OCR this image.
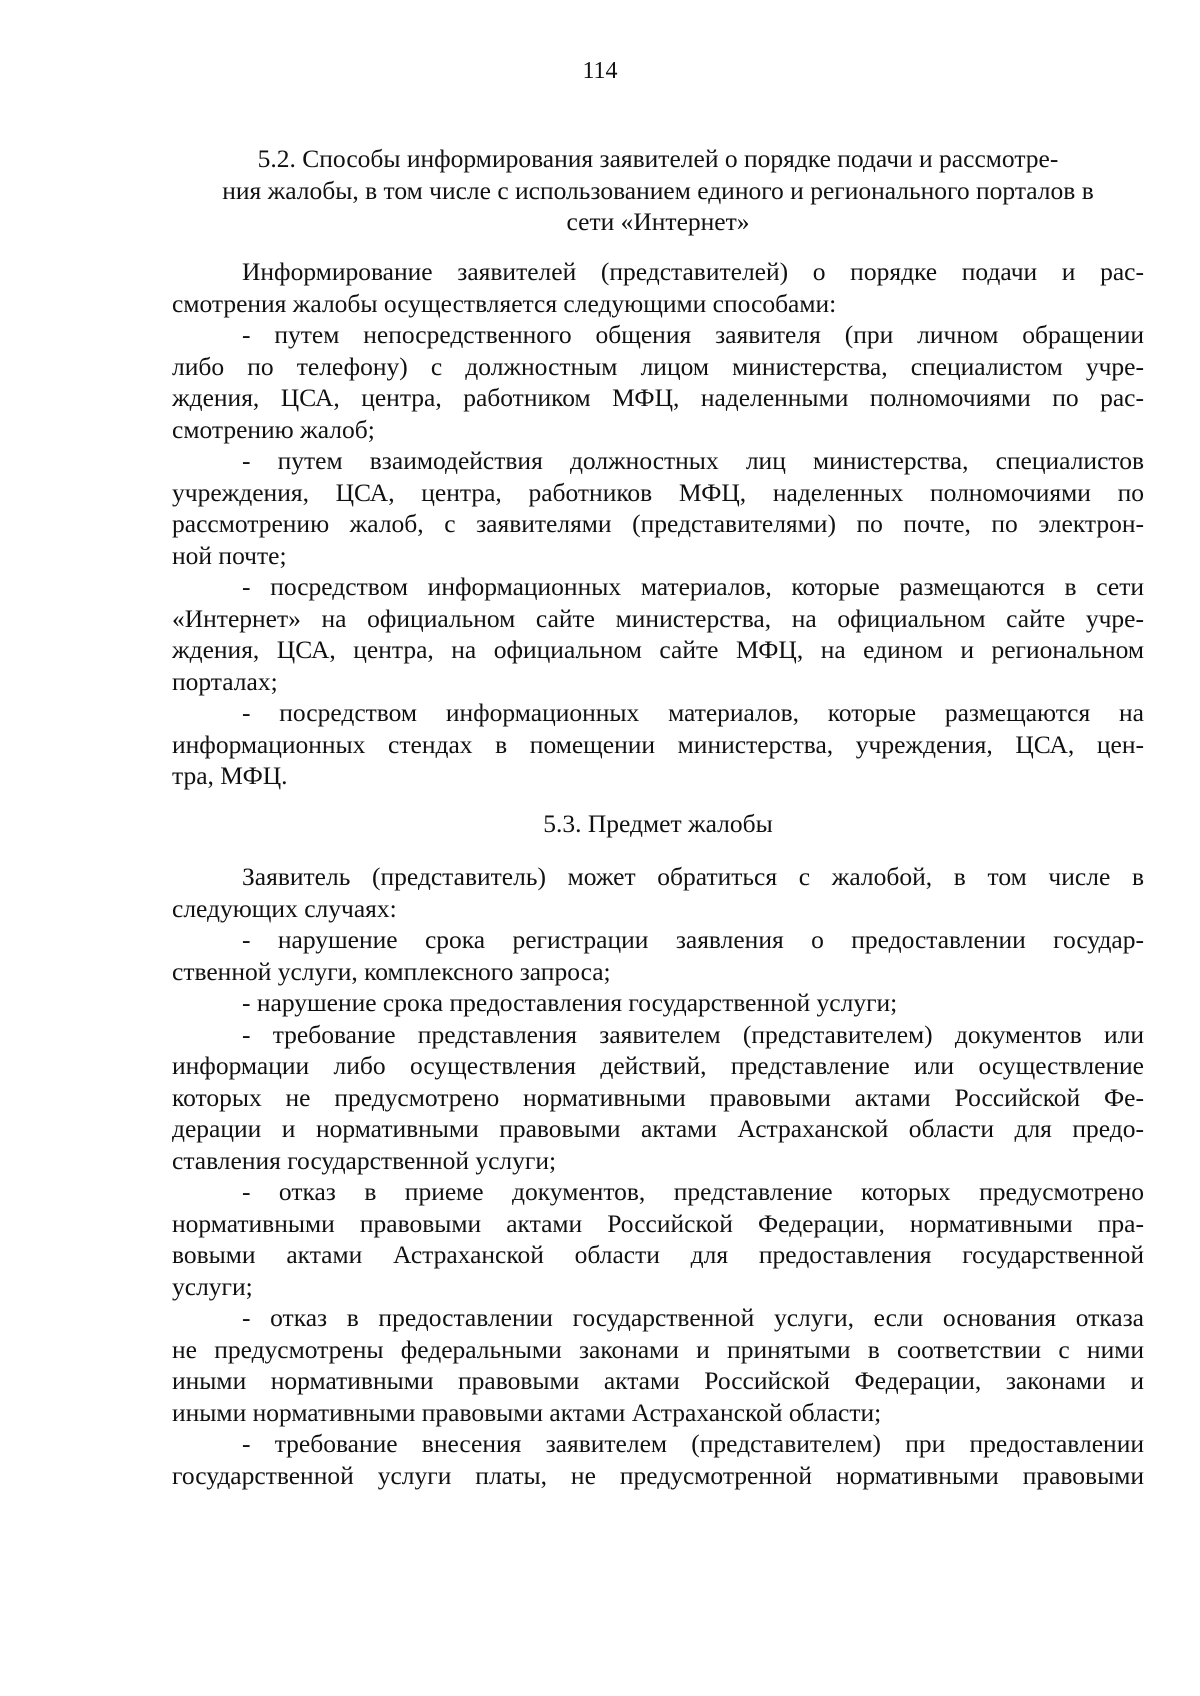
114
5.2. Способы информирования заявителей о порядке подачи и рассмотре-
ния жалобы, в том числе с использованием единого и регионального порталов в
сети «Интернет»
Информирование заявителей (представителей) о порядке подачи и рас-
смотрения жалобы осуществляется следующими способами:
- путем непосредственного общения заявителя (при личном обращении
либо по телефону) с должностным лицом министерства, специалистом учре-
ждения, ЦСА, центра, работником МФЦ, наделенными полномочиями по рас-
смотрению жалоб;
- путем взаимодействия должностных лиц министерства, специалистов
учреждения, ЦСА, центра, работников МФЦ, наделенных полномочиями по
рассмотрению жалоб, с заявителями (представителями) по почте, по электрон-
ной почте;
- посредством информационных материалов, которые размещаются в сети
«Интернет» на официальном сайте министерства, на официальном сайте учре-
ждения, ЦСА, центра, на официальном сайте МФЦ, на едином и региональном
порталах;
- посредством информационных материалов, которые размещаются на
информационных стендах в помещении министерства, учреждения, ЦСА, цен-
тра, МФЦ.
5.3. Предмет жалобы
Заявитель (представитель) может обратиться с жалобой, в том числе в
следующих случаях:
- нарушение срока регистрации заявления о предоставлении государ-
ственной услуги, комплексного запроса;
- нарушение срока предоставления государственной услуги;
- требование представления заявителем (представителем) документов или
информации либо осуществления действий, представление или осуществление
которых не предусмотрено нормативными правовыми актами Российской Фе-
дерации и нормативными правовыми актами Астраханской области для предо-
ставления государственной услуги;
- отказ в приеме документов, представление которых предусмотрено
нормативными правовыми актами Российской Федерации, нормативными пра-
вовыми актами Астраханской области для предоставления государственной
услуги;
- отказ в предоставлении государственной услуги, если основания отказа
не предусмотрены федеральными законами и принятыми в соответствии с ними
иными нормативными правовыми актами Российской Федерации, законами и
иными нормативными правовыми актами Астраханской области;
- требование внесения заявителем (представителем) при предоставлении
государственной услуги платы, не предусмотренной нормативными правовыми
